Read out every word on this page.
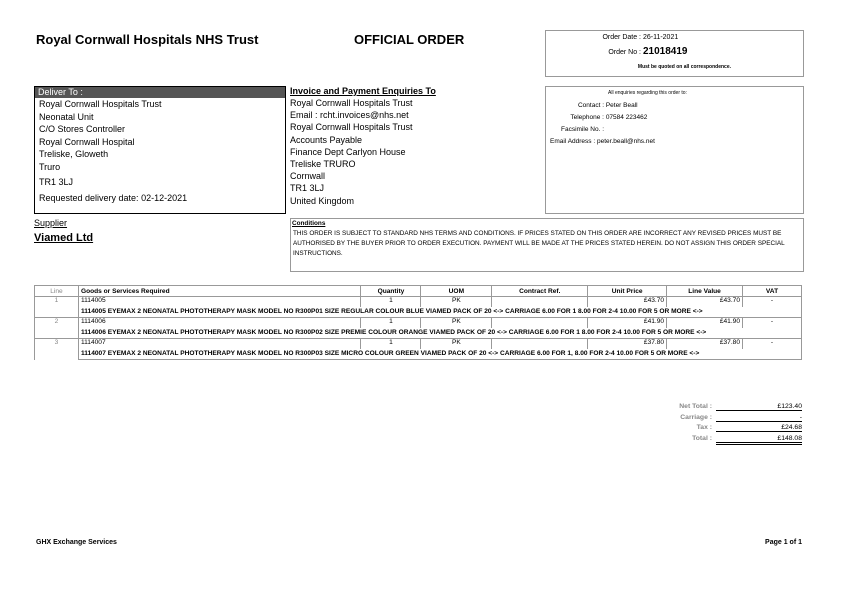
Royal Cornwall Hospitals NHS Trust	OFFICIAL ORDER	Order Date : 26-11-2021
Order No : 21018419
Must be quoted on all correspondence.
Deliver To :
Royal Cornwall Hospitals Trust
Neonatal Unit
C/O Stores Controller
Royal Cornwall Hospital
Treliske, Gloweth
Truro
TR1 3LJ
Requested delivery date: 02-12-2021
Invoice and Payment Enquiries To
Royal Cornwall Hospitals Trust
Email : rcht.invoices@nhs.net
Royal Cornwall Hospitals Trust
Accounts Payable
Finance Dept Carlyon House
Treliske TRURO
Cornwall
TR1 3LJ
United Kingdom
All enquiries regarding this order to:
Contact : Peter Beall
Telephone : 07584 223462
Facsimile No. :
Email Address : peter.beall@nhs.net
Supplier
Viamed Ltd
Conditions
THIS ORDER IS SUBJECT TO STANDARD NHS TERMS AND CONDITIONS. IF PRICES STATED ON THIS ORDER ARE INCORRECT ANY REVISED PRICES MUST BE AUTHORISED BY THE BUYER PRIOR TO ORDER EXECUTION. PAYMENT WILL BE MADE AT THE PRICES STATED HEREIN. DO NOT ASSIGN THIS ORDER SPECIAL INSTRUCTIONS.
Line	Goods or Services Required	Quantity	UOM	Contract Ref.	Unit Price	Line Value	VAT
1	1114005	1	PK		£43.70	£43.70	-
	1114005 EYEMAX 2 NEONATAL PHOTOTHERAPY MASK MODEL NO R300P01 SIZE REGULAR COLOUR BLUE VIAMED PACK OF 20 <-> CARRIAGE 6.00 FOR 1 8.00 FOR 2-4 10.00 FOR 5 OR MORE <->						
2	1114006	1	PK		£41.90	£41.90	-
	1114006 EYEMAX 2 NEONATAL PHOTOTHERAPY MASK MODEL NO R300P02 SIZE PREMIE COLOUR ORANGE VIAMED PACK OF 20 <-> CARRIAGE 6.00 FOR 1 8.00 FOR 2-4 10.00 FOR 5 OR MORE <->						
3	1114007	1	PK		£37.80	£37.80	-
	1114007 EYEMAX 2 NEONATAL PHOTOTHERAPY MASK MODEL NO R300P03 SIZE MICRO COLOUR GREEN VIAMED PACK OF 20 <-> CARRIAGE 6.00 FOR 1, 8.00 FOR 2-4 10.00 FOR 5 OR MORE <->						
Net Total :	£123.40
Carriage :	-
Tax :	£24.68
Total :	£148.08
GHX Exchange Services	Page 1 of 1
